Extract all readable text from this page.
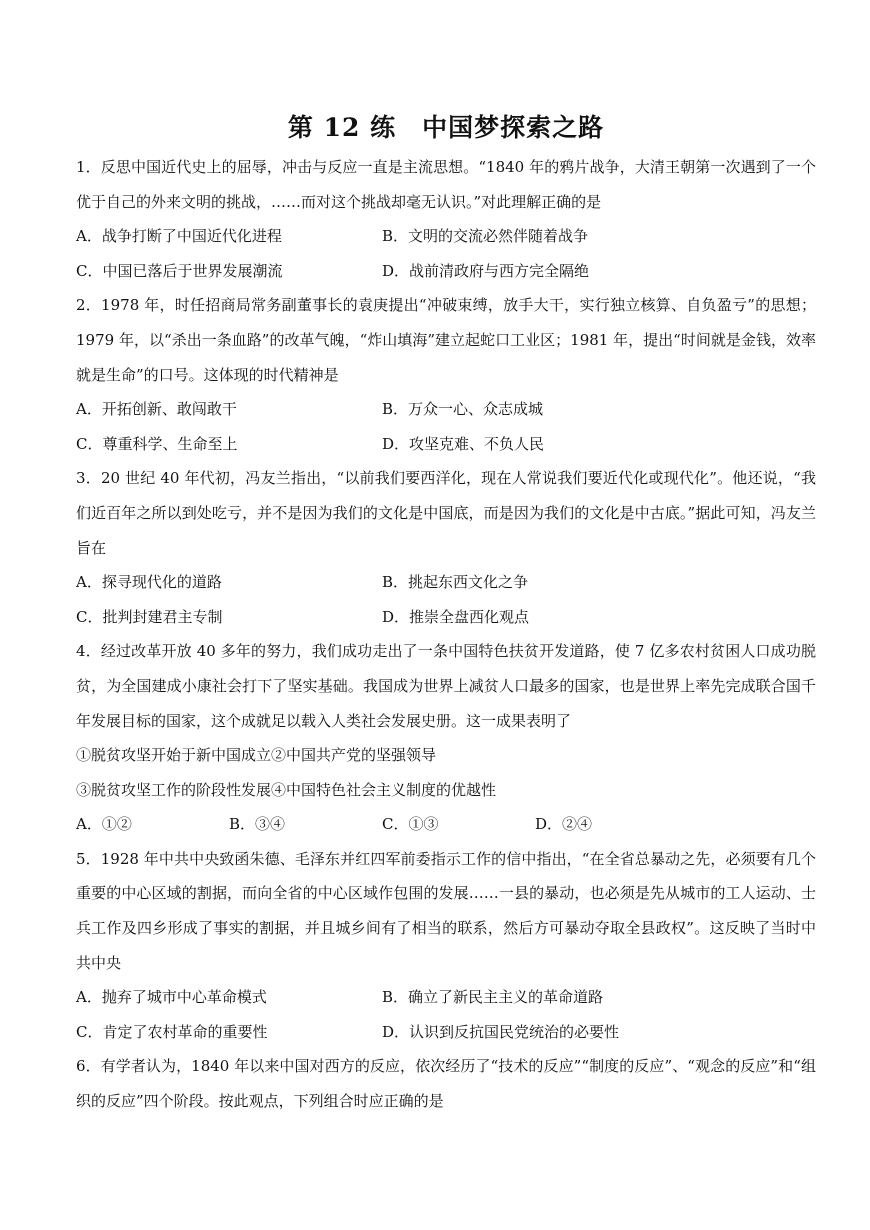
第 12 练　中国梦探索之路
1．反思中国近代史上的屈辱，冲击与反应一直是主流思想。“1840 年的鸦片战争，大清王朝第一次遇到了一个优于自己的外来文明的挑战，……而对这个挑战却毫无认识。”对此理解正确的是
A．战争打断了中国近代化进程	B．文明的交流必然伴随着战争
C．中国已落后于世界发展潮流	D．战前清政府与西方完全隔绝
2．1978 年，时任招商局常务副董事长的袁庚提出“冲破束缚，放手大干，实行独立核算、自负盈亏”的思想；1979 年，以“杀出一条血路”的改革气魄，“炸山填海”建立起蛇口工业区；1981 年，提出“时间就是金钱，效率就是生命”的口号。这体现的时代精神是
A．开拓创新、敢闯敢干	B．万众一心、众志成城
C．尊重科学、生命至上	D．攻坚克难、不负人民
3．20 世纪 40 年代初，冯友兰指出，“以前我们要西洋化，现在人常说我们要近代化或现代化”。他还说，“我们近百年之所以到处吃亏，并不是因为我们的文化是中国底，而是因为我们的文化是中古底。”据此可知，冯友兰旨在
A．探寻现代化的道路	B．挑起东西文化之争
C．批判封建君主专制	D．推崇全盘西化观点
4．经过改革开放 40 多年的努力，我们成功走出了一条中国特色扶贫开发道路，使 7 亿多农村贫困人口成功脱贫，为全国建成小康社会打下了坚实基础。我国成为世界上减贫人口最多的国家，也是世界上率先完成联合国千年发展目标的国家，这个成就足以载入人类社会发展史册。这一成果表明了
①脱贫攻坚开始于新中国成立②中国共产党的坚强领导
③脱贫攻坚工作的阶段性发展④中国特色社会主义制度的优越性
A．①②	B．③④	C．①③	D．②④
5．1928 年中共中央致函朱德、毛泽东并红四军前委指示工作的信中指出，“在全省总暴动之先，必须要有几个重要的中心区域的割据，而向全省的中心区域作包围的发展……一县的暴动，也必须是先从城市的工人运动、士兵工作及四乡形成了事实的割据，并且城乡间有了相当的联系，然后方可暴动夺取全县政权”。这反映了当时中共中央
A．抛弃了城市中心革命模式	B．确立了新民主主义的革命道路
C．肯定了农村革命的重要性	D．认识到反抗国民党统治的必要性
6．有学者认为，1840 年以来中国对西方的反应，依次经历了“技术的反应”“制度的反应”、“观念的反应”和“组织的反应”四个阶段。按此观点，下列组合时应正确的是
